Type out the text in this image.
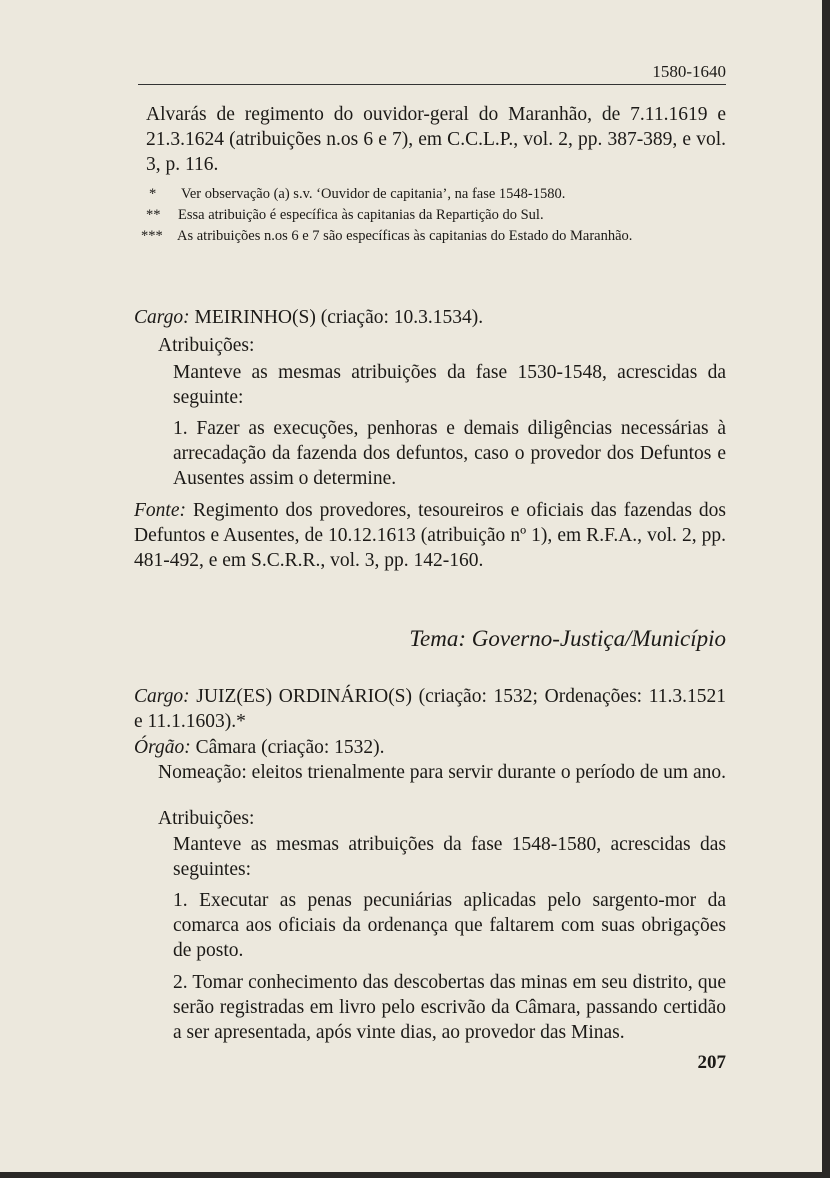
1580-1640
Alvarás de regimento do ouvidor-geral do Maranhão, de 7.11.1619 e 21.3.1624 (atribuições n.os 6 e 7), em C.C.L.P., vol. 2, pp. 387-389, e vol. 3, p. 116.
* Ver observação (a) s.v. ‘Ouvidor de capitania’, na fase 1548-1580.
** Essa atribuição é específica às capitanias da Repartição do Sul.
*** As atribuições n.os 6 e 7 são específicas às capitanias do Estado do Maranhão.
Cargo: MEIRINHO(S) (criação: 10.3.1534).
Atribuições:
Manteve as mesmas atribuições da fase 1530-1548, acrescidas da seguinte:
1. Fazer as execuções, penhoras e demais diligências necessárias à arrecadação da fazenda dos defuntos, caso o provedor dos Defuntos e Ausentes assim o determine.
Fonte: Regimento dos provedores, tesoureiros e oficiais das fazendas dos Defuntos e Ausentes, de 10.12.1613 (atribuição nº 1), em R.F.A., vol. 2, pp. 481-492, e em S.C.R.R., vol. 3, pp. 142-160.
Tema: Governo-Justiça/Município
Cargo: JUIZ(ES) ORDINÁRIO(S) (criação: 1532; Ordenações: 11.3.1521 e 11.1.1603).*
Órgão: Câmara (criação: 1532).
Nomeação: eleitos trienalmente para servir durante o período de um ano.
Atribuições:
Manteve as mesmas atribuições da fase 1548-1580, acrescidas das seguintes:
1. Executar as penas pecuniárias aplicadas pelo sargento-mor da comarca aos oficiais da ordenança que faltarem com suas obrigações de posto.
2. Tomar conhecimento das descobertas das minas em seu distrito, que serão registradas em livro pelo escrivão da Câmara, passando certidão a ser apresentada, após vinte dias, ao provedor das Minas.
207
